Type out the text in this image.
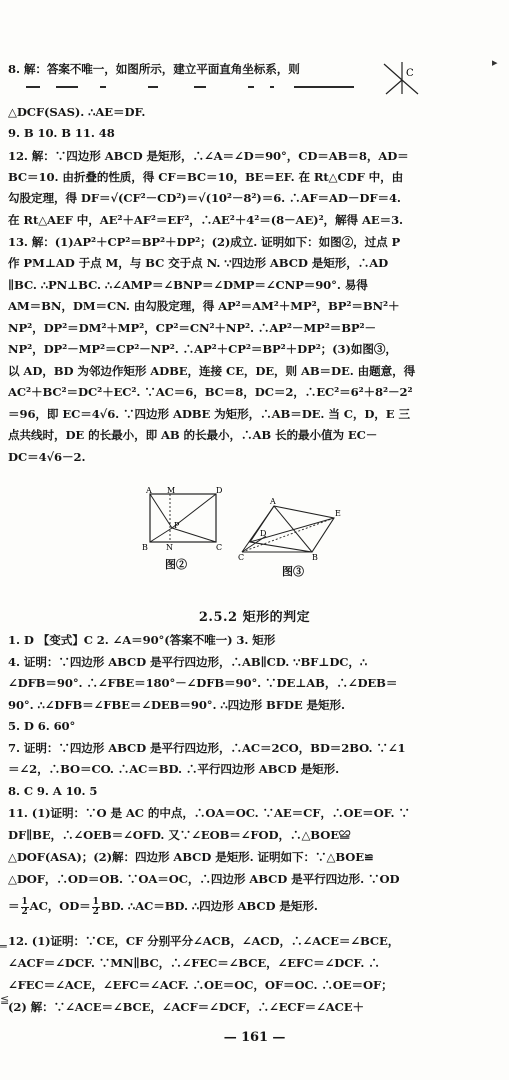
8. 解：答案不唯一，如图所示，建立平面直角坐标系，则	C
▸
△DCF(SAS). ∴AE＝DF.
9. B 10. B 11. 48
12. 解：∵四边形 ABCD 是矩形，∴∠A＝∠D＝90°，CD＝AB＝8，AD＝
BC＝10. 由折叠的性质，得 CF＝BC＝10，BE＝EF. 在 Rt△CDF 中，由
勾股定理，得 DF＝√(CF²－CD²)＝√(10²－8²)＝6. ∴AF＝AD－DF＝4.
在 Rt△AEF 中，AE²＋AF²＝EF²，∴AE²＋4²＝(8－AE)²，解得 AE＝3.
13. 解：(1)AP²＋CP²＝BP²＋DP²；(2)成立. 证明如下：如图②，过点 P
作 PM⊥AD 于点 M，与 BC 交于点 N. ∵四边形 ABCD 是矩形，∴AD
∥BC. ∴PN⊥BC. ∴∠AMP＝∠BNP＝∠DMP＝∠CNP＝90°. 易得
AM＝BN，DM＝CN. 由勾股定理，得 AP²＝AM²＋MP²，BP²＝BN²＋
NP²，DP²＝DM²＋MP²，CP²＝CN²＋NP². ∴AP²－MP²＝BP²－
NP²，DP²－MP²＝CP²－NP². ∴AP²＋CP²＝BP²＋DP²；(3)如图③，
以 AD，BD 为邻边作矩形 ADBE，连接 CE，DE，则 AB＝DE. 由题意，得
AC²＋BC²＝DC²＋EC². ∵AC＝6，BC＝8，DC＝2，∴EC²＝6²＋8²－2²
＝96，即 EC＝4√6. ∵四边形 ADBE 为矩形，∴AB＝DE. 当 C，D，E 三
点共线时，DE 的长最小，即 AB 的长最小，∴AB 长的最小值为 EC－
DC＝4√6－2.
A M	D
P
N
B	C
图②
A
E
D
B
C
图③
2.5.2 矩形的判定
1. D 【变式】C 2. ∠A＝90°(答案不唯一) 3. 矩形
4. 证明：∵四边形 ABCD 是平行四边形，∴AB∥CD. ∵BF⊥DC，∴
∠DFB＝90°. ∴∠FBE＝180°－∠DFB＝90°. ∵DE⊥AB，∴∠DEB＝
90°. ∴∠DFB＝∠FBE＝∠DEB＝90°. ∴四边形 BFDE 是矩形.
5. D 6. 60°
7. 证明：∵四边形 ABCD 是平行四边形，∴AC＝2CO，BD＝2BO. ∵∠1
＝∠2，∴BO＝CO. ∴AC＝BD. ∴平行四边形 ABCD 是矩形.
8. C 9. A 10. 5
11. (1)证明：∵O 是 AC 的中点，∴OA＝OC. ∵AE＝CF，∴OE＝OF. ∵
DF∥BE，∴∠OEB＝∠OFD. 又∵∠EOB＝∠FOD，∴△BOE≌
△DOF(ASA)；(2)解：四边形 ABCD 是矩形. 证明如下：∵△BOE≌
△DOF，∴OD＝OB. ∵OA＝OC，∴四边形 ABCD 是平行四边形. ∵OD
＝ $\frac{1}{2}$ AC，$OD= \frac{1}{2}$ BD. ∴AC＝BD. ∴四边形 ABCD 是矩形.
═ 12. (1)证明：∵CE，CF 分别平分∠ACB，∠ACD，∴∠ACE＝∠BCE，
∠ACF＝∠DCF. ∵MN∥BC，∴∠FEC＝∠BCE，∠EFC＝∠DCF. ∴
≦
∠FEC＝∠ACE，∠EFC＝∠ACF. ∴OE＝OC，OF＝OC. ∴OE＝OF；
(2) 解：∵∠ACE＝∠BCE，∠ACF＝∠DCF，∴∠ECF＝∠ACE＋
— 161 —
